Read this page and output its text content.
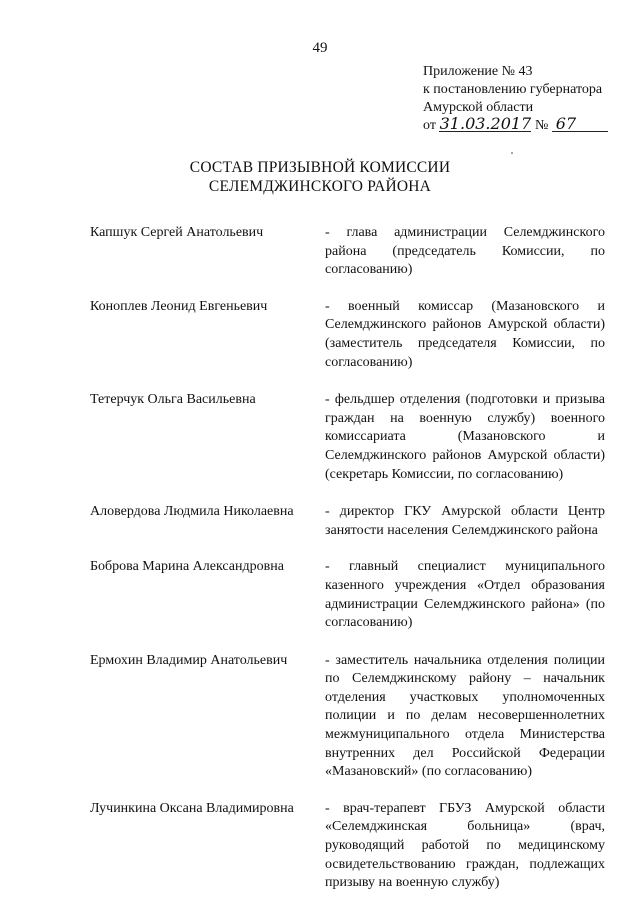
49
Приложение № 43
к постановлению губернатора
Амурской области
от 31.03.2017 № 67
СОСТАВ ПРИЗЫВНОЙ КОМИССИИ
СЕЛЕМДЖИНСКОГО РАЙОНА
Капшук Сергей Анатольевич	- глава администрации Селемджинского района (председатель Комиссии, по согласованию)
Коноплев Леонид Евгеньевич	- военный комиссар (Мазановского и Селемджинского районов Амурской области) (заместитель председателя Комиссии, по согласованию)
Тетерчук Ольга Васильевна	- фельдшер отделения (подготовки и призыва граждан на военную службу) военного комиссариата (Мазановского и Селемджинского районов Амурской области) (секретарь Комиссии, по согласованию)
Аловердова Людмила Николаевна	- директор ГКУ Амурской области Центр занятости населения Селемджинского района
Боброва Марина Александровна	- главный специалист муниципального казенного учреждения «Отдел образования администрации Селемджинского района» (по согласованию)
Ермохин Владимир Анатольевич	- заместитель начальника отделения полиции по Селемджинскому району – начальник отделения участковых уполномоченных полиции и по делам несовершеннолетних межмуниципального отдела Министерства внутренних дел Российской Федерации «Мазановский» (по согласованию)
Лучинкина Оксана Владимировна	- врач-терапевт ГБУЗ Амурской области «Селемджинская больница» (врач, руководящий работой по медицинскому освидетельствованию граждан, подлежащих призыву на военную службу)
